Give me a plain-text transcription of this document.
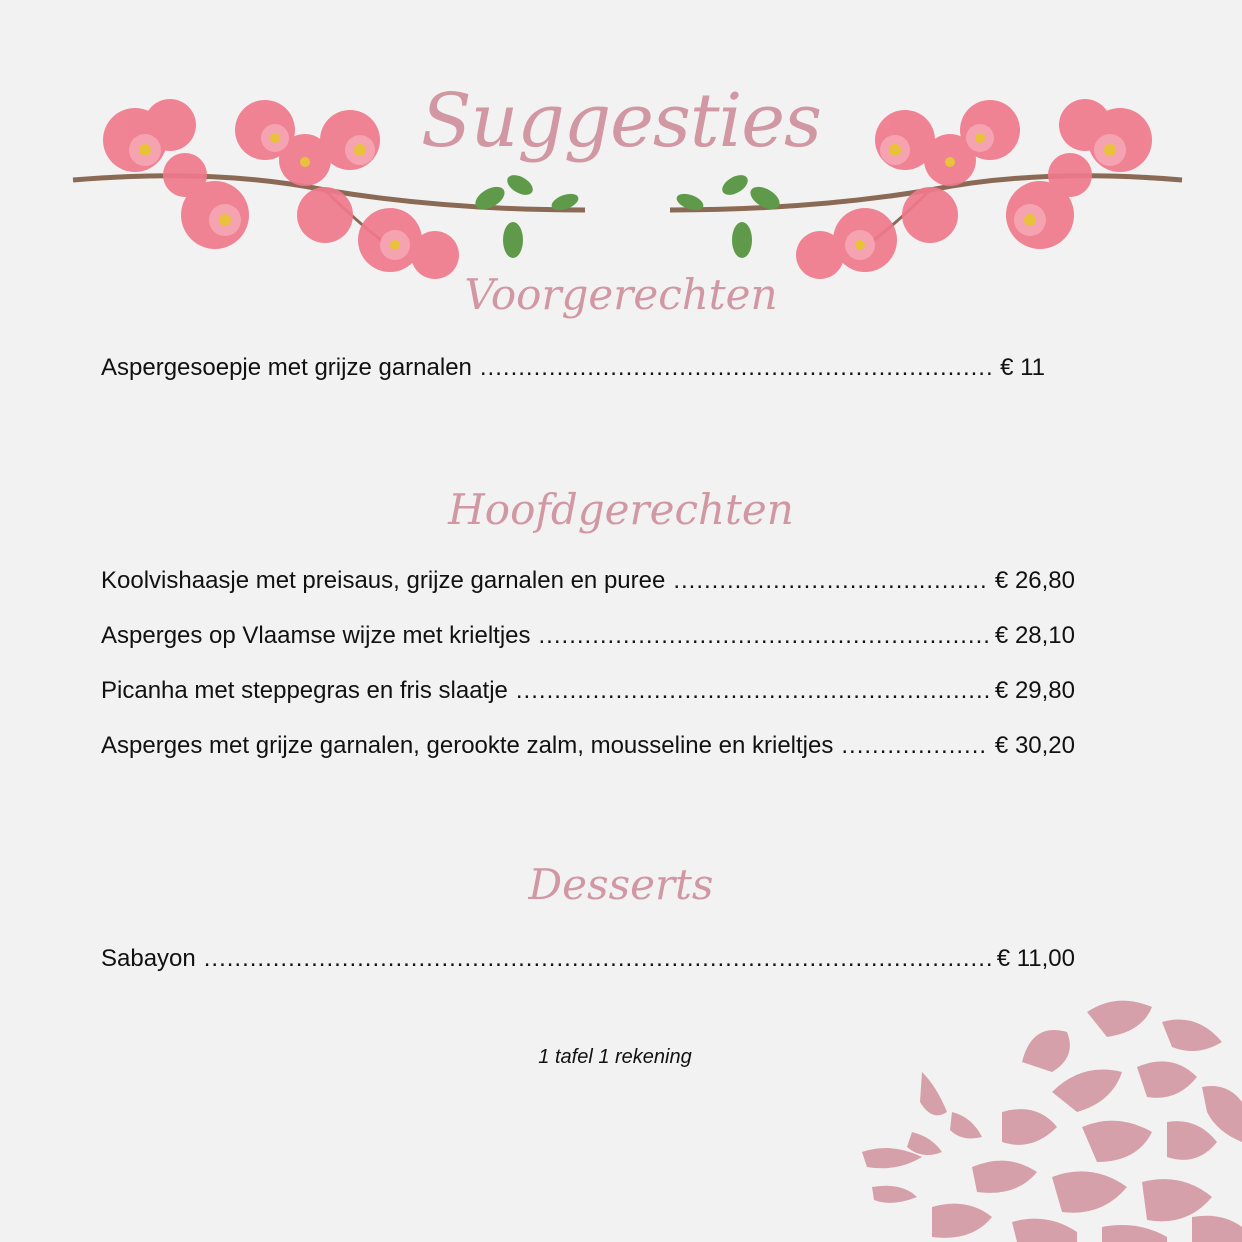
Suggesties
Voorgerechten
Aspergesoepje met grijze garnalen .....	€ 11
Hoofdgerechten
Koolvishaasje met preisaus, grijze garnalen en puree .....	€ 26,80
Asperges op Vlaamse wijze met krieltjes .....	€ 28,10
Picanha met steppegras en fris slaatje .....	€ 29,80
Asperges met grijze garnalen, gerookte zalm, mousseline en krieltjes .....	€ 30,20
Desserts
Sabayon .....	€ 11,00
1 tafel 1 rekening
